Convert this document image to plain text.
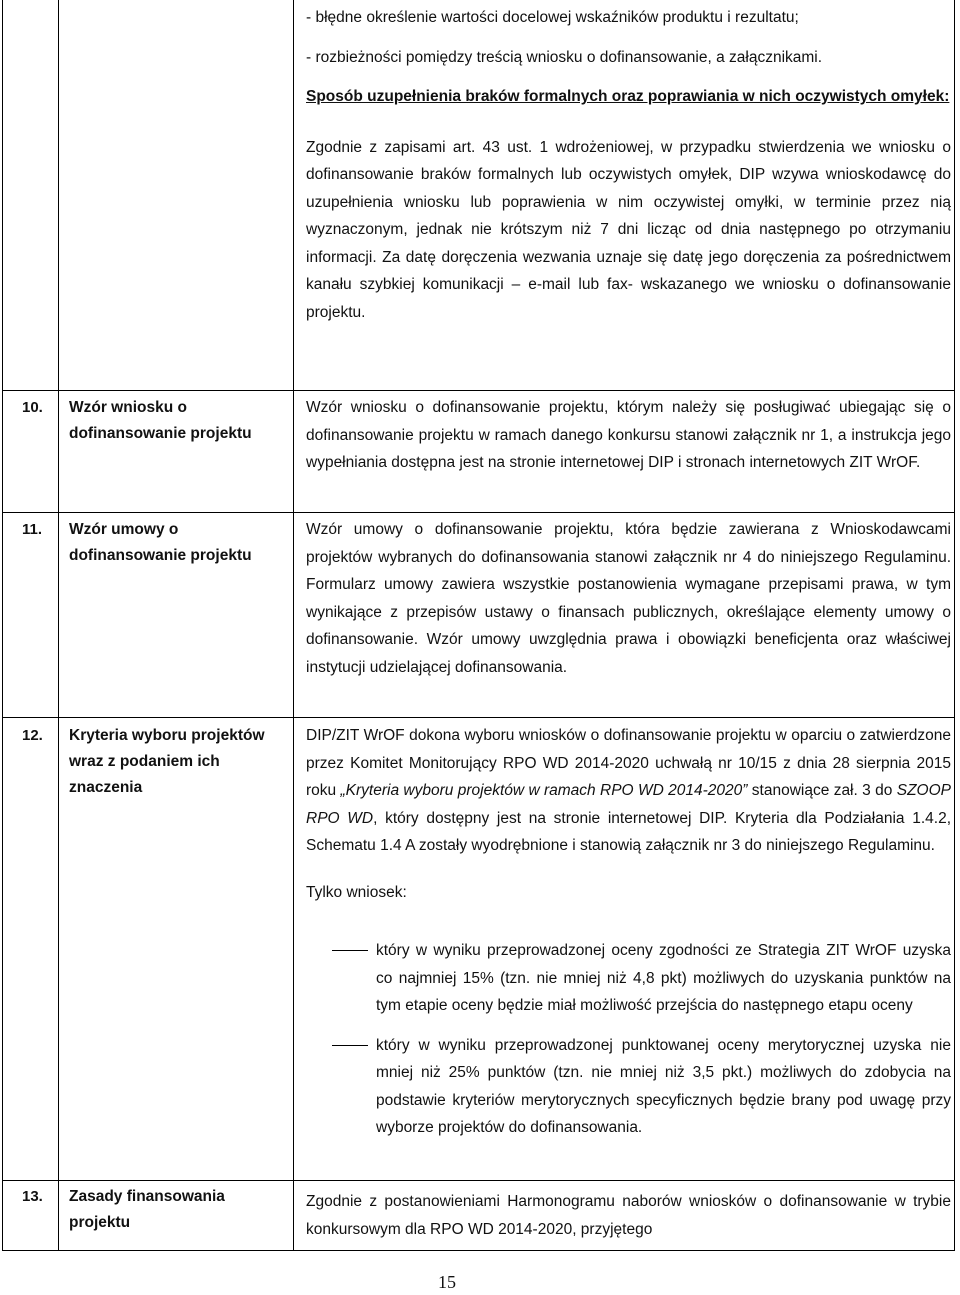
- błędne określenie wartości docelowej wskaźników produktu i rezultatu;

- rozbieżności pomiędzy treścią wniosku o dofinansowanie, a załącznikami.

Sposób uzupełnienia braków formalnych oraz poprawiania w nich oczywistych omyłek:

Zgodnie z zapisami art. 43 ust. 1 wdrożeniowej, w przypadku stwierdzenia we wniosku o dofinansowanie braków formalnych lub oczywistych omyłek, DIP wzywa wnioskodawcę do uzupełnienia wniosku lub poprawienia w nim oczywistej omyłki, w terminie przez nią wyznaczonym, jednak nie krótszym niż 7 dni licząc od dnia następnego po otrzymaniu informacji. Za datę doręczenia wezwania uznaje się datę jego doręczenia za pośrednictwem kanału szybkiej komunikacji – e-mail lub fax- wskazanego we wniosku o dofinansowanie projektu.

10. Wzór wniosku o dofinansowanie projektu

Wzór wniosku o dofinansowanie projektu, którym należy się posługiwać ubiegając się o dofinansowanie projektu w ramach danego konkursu stanowi załącznik nr 1, a instrukcja jego wypełniania dostępna jest na stronie internetowej DIP i stronach internetowych ZIT WrOF.

11. Wzór umowy o dofinansowanie projektu

Wzór umowy o dofinansowanie projektu, która będzie zawierana z Wnioskodawcami projektów wybranych do dofinansowania stanowi załącznik nr 4 do niniejszego Regulaminu. Formularz umowy zawiera wszystkie postanowienia wymagane przepisami prawa, w tym wynikające z przepisów ustawy o finansach publicznych, określające elementy umowy o dofinansowanie. Wzór umowy uwzględnia prawa i obowiązki beneficjenta oraz właściwej instytucji udzielającej dofinansowania.

12. Kryteria wyboru projektów wraz z podaniem ich znaczenia

DIP/ZIT WrOF dokona wyboru wniosków o dofinansowanie projektu w oparciu o zatwierdzone przez Komitet Monitorujący RPO WD 2014-2020 uchwałą nr 10/15 z dnia 28 sierpnia 2015 roku „Kryteria wyboru projektów w ramach RPO WD 2014-2020” stanowiące zał. 3 do SZOOP RPO WD, który dostępny jest na stronie internetowej DIP. Kryteria dla Podziałania 1.4.2, Schematu 1.4 A zostały wyodrębnione i stanowią załącznik nr 3 do niniejszego Regulaminu.

Tylko wniosek:

który w wyniku przeprowadzonej oceny zgodności ze Strategia ZIT WrOF uzyska co najmniej 15% (tzn. nie mniej niż 4,8 pkt) możliwych do uzyskania punktów na tym etapie oceny będzie miał możliwość przejścia do następnego etapu oceny
który w wyniku przeprowadzonej punktowanej oceny merytorycznej uzyska nie mniej niż 25% punktów (tzn. nie mniej niż 3,5 pkt.) możliwych do zdobycia na podstawie kryteriów merytorycznych specyficznych będzie brany pod uwagę przy wyborze projektów do dofinansowania.
13. Zasady finansowania projektu

Zgodnie z postanowieniami Harmonogramu naborów wniosków o dofinansowanie w trybie konkursowym dla RPO WD 2014-2020, przyjętego

15
